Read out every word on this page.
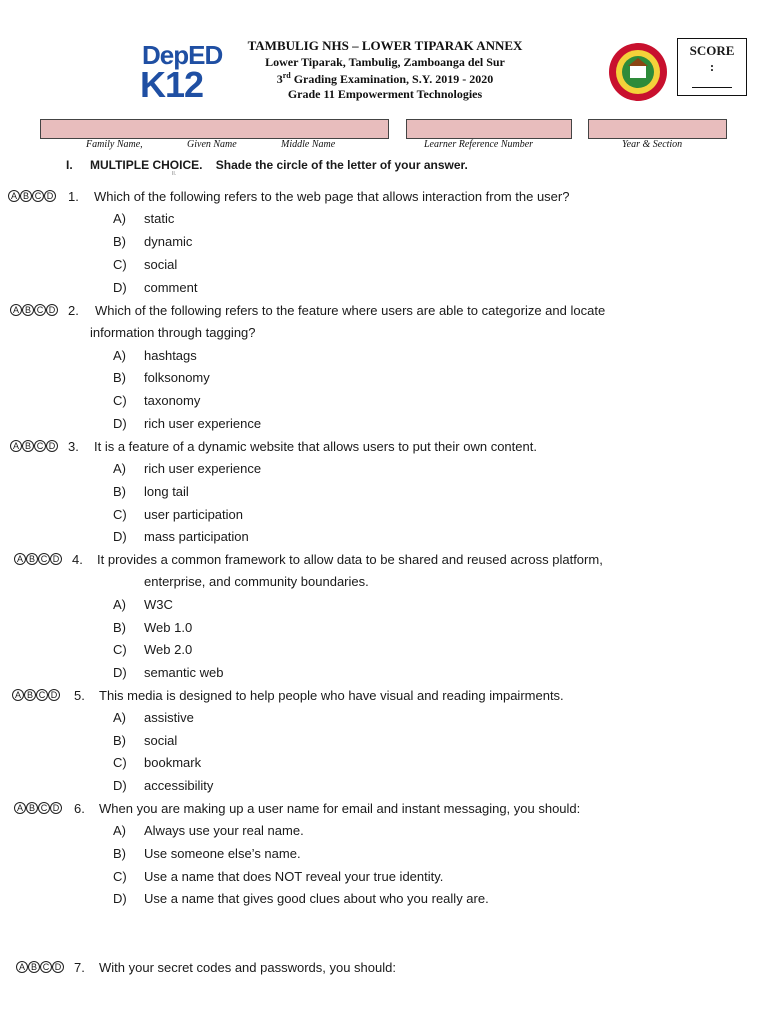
DepED
K12
TAMBULIG NHS – LOWER TIPARAK ANNEX
Lower Tiparak, Tambulig, Zamboanga del Sur
3rd Grading Examination, S.Y. 2019 - 2020
Grade 11 Empowerment Technologies
SCORE
:
Family Name,	Given Name	Middle Name	Learner Reference Number	Year & Section
I. MULTIPLE CHOICE. Shade the circle of the letter of your answer.
II.
A B C D 1. Which of the following refers to the web page that allows interaction from the user?
A) static
B) dynamic
C) social
D) comment
A B C D 2. Which of the following refers to the feature where users are able to categorize and locate
information through tagging?
A) hashtags
B) folksonomy
C) taxonomy
D) rich user experience
A B C D 3. It is a feature of a dynamic website that allows users to put their own content.
A) rich user experience
B) long tail
C) user participation
D) mass participation
A B C D 4. It provides a common framework to allow data to be shared and reused across platform,
enterprise, and community boundaries.
A) W3C
B) Web 1.0
C) Web 2.0
D) semantic web
A B C D 5. This media is designed to help people who have visual and reading impairments.
A) assistive
B) social
C) bookmark
D) accessibility
A B C D 6. When you are making up a user name for email and instant messaging, you should:
A) Always use your real name.
B) Use someone else’s name.
C) Use a name that does NOT reveal your true identity.
D) Use a name that gives good clues about who you really are.
A B C D 7. With your secret codes and passwords, you should:
